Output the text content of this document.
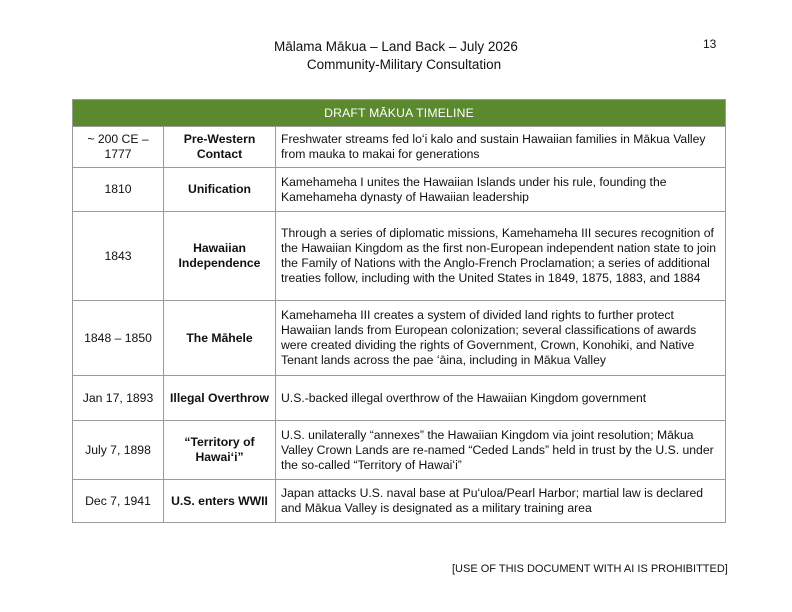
Mālama Mākua – Land Back – July 2026
Community-Military Consultation
13
DRAFT MĀKUA TIMELINE		
~ 200 CE – 1777	Pre-Western Contact	Freshwater streams fed loʻi kalo and sustain Hawaiian families in Mākua Valley from mauka to makai for generations
1810	Unification	Kamehameha I unites the Hawaiian Islands under his rule, founding the Kamehameha dynasty of Hawaiian leadership
1843	Hawaiian Independence	Through a series of diplomatic missions, Kamehameha III secures recognition of the Hawaiian Kingdom as the first non-European independent nation state to join the Family of Nations with the Anglo-French Proclamation; a series of additional treaties follow, including with the United States in 1849, 1875, 1883, and 1884
1848 – 1850	The Māhele	Kamehameha III creates a system of divided land rights to further protect Hawaiian lands from European colonization; several classifications of awards were created dividing the rights of Government, Crown, Konohiki, and Native Tenant lands across the pae ʻāina, including in Mākua Valley
Jan 17, 1893	Illegal Overthrow	U.S.-backed illegal overthrow of the Hawaiian Kingdom government
July 7, 1898	“Territory of Hawaiʻi”	U.S. unilaterally “annexes” the Hawaiian Kingdom via joint resolution; Mākua Valley Crown Lands are re-named “Ceded Lands” held in trust by the U.S. under the so-called “Territory of Hawaiʻi”
Dec 7, 1941	U.S. enters WWII	Japan attacks U.S. naval base at Puʻuloa/Pearl Harbor; martial law is declared and Mākua Valley is designated as a military training area
[USE OF THIS DOCUMENT WITH AI IS PROHIBITTED]
